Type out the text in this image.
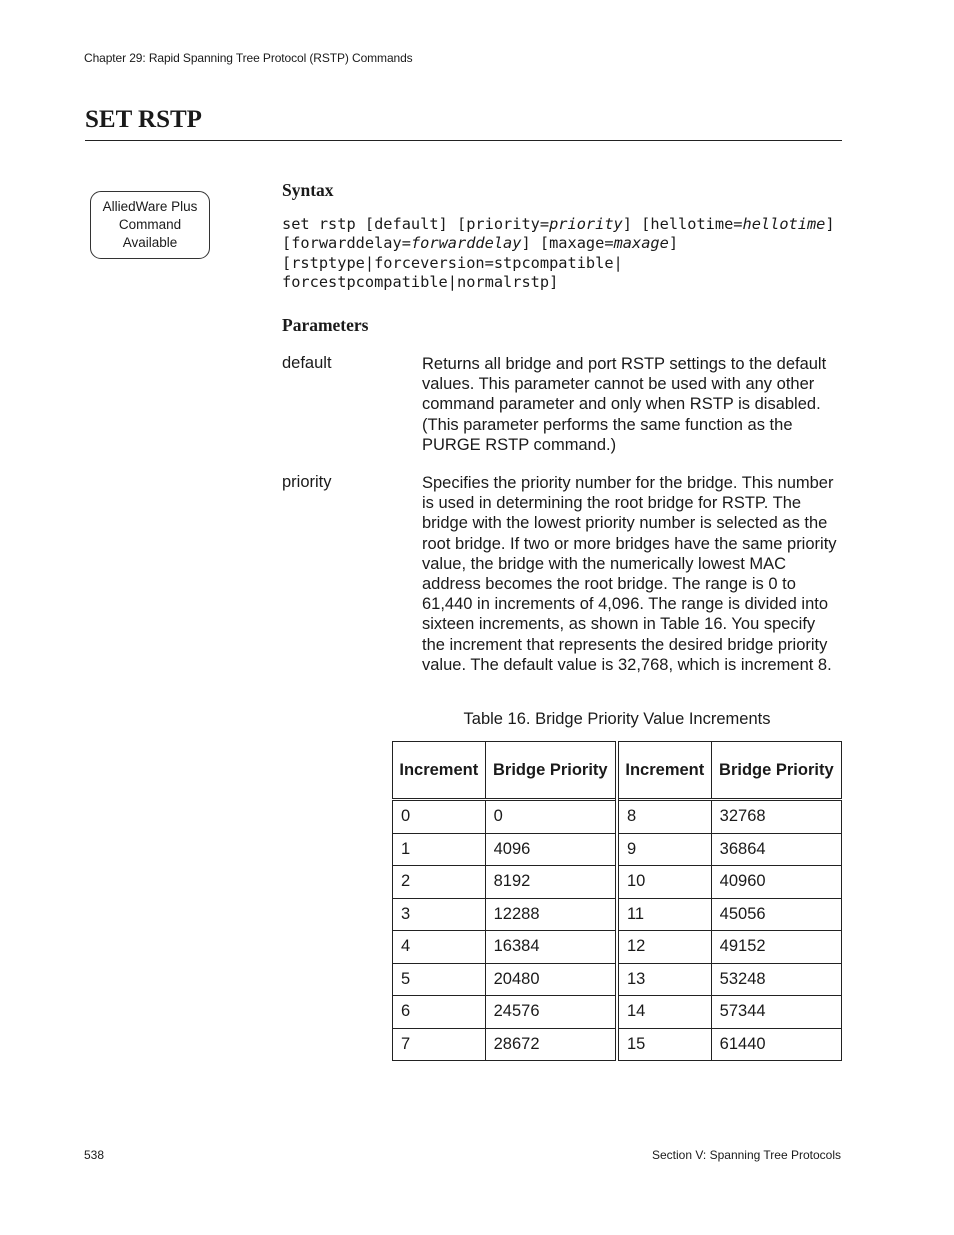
Chapter 29: Rapid Spanning Tree Protocol (RSTP) Commands
SET RSTP
AlliedWare Plus
Command
Available
Syntax
set rstp [default] [priority=priority] [hellotime=hellotime]
[forwarddelay=forwarddelay] [maxage=maxage]
[rstptype|forceversion=stpcompatible|
forcestpcompatible|normalrstp]
Parameters
default	Returns all bridge and port RSTP settings to the default values. This parameter cannot be used with any other command parameter and only when RSTP is disabled. (This parameter performs the same function as the PURGE RSTP command.)
priority	Specifies the priority number for the bridge. This number is used in determining the root bridge for RSTP. The bridge with the lowest priority number is selected as the root bridge. If two or more bridges have the same priority value, the bridge with the numerically lowest MAC address becomes the root bridge. The range is 0 to 61,440 in increments of 4,096. The range is divided into sixteen increments, as shown in Table 16. You specify the increment that represents the desired bridge priority value. The default value is 32,768, which is increment 8.
Table 16. Bridge Priority Value Increments
Increment	Bridge Priority	Increment	Bridge Priority
0	0	8	32768
1	4096	9	36864
2	8192	10	40960
3	12288	11	45056
4	16384	12	49152
5	20480	13	53248
6	24576	14	57344
7	28672	15	61440
538	Section V: Spanning Tree Protocols
